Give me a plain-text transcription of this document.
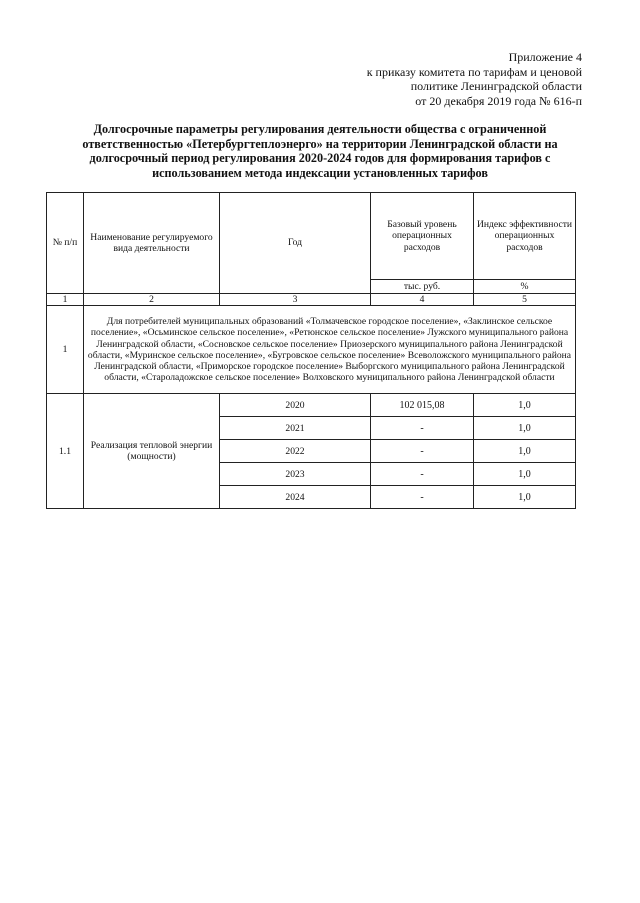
Приложение 4
к приказу комитета по тарифам и ценовой
политике Ленинградской области
от 20 декабря 2019 года № 616-п
Долгосрочные параметры регулирования деятельности общества с ограниченной ответственностью «Петербургтеплоэнерго» на территории Ленинградской области на долгосрочный период регулирования 2020-2024 годов для формирования тарифов с использованием метода индексации установленных тарифов
№ п/п	Наименование регулируемого вида деятельности	Год	Базовый уровень операционных расходов	Индекс эффективности операционных расходов
			тыс. руб.	%
1	2	3	4	5
1	Для потребителей муниципальных образований «Толмачевское городское поселение», «Заклинское сельское поселение», «Осьминское сельское поселение», «Ретюнское сельское поселение» Лужского муниципального района Ленинградской области, «Сосновское сельское поселение» Приозерского муниципального района Ленинградской области, «Муринское сельское поселение», «Бугровское сельское поселение» Всеволожского муниципального района Ленинградской области, «Приморское городское поселение» Выборгского муниципального района Ленинградской области, «Староладожское сельское поселение» Волховского муниципального района Ленинградской области			
1.1	Реализация тепловой энергии (мощности)	2020	102 015,08	1,0
		2021	-	1,0
		2022	-	1,0
		2023	-	1,0
		2024	-	1,0
